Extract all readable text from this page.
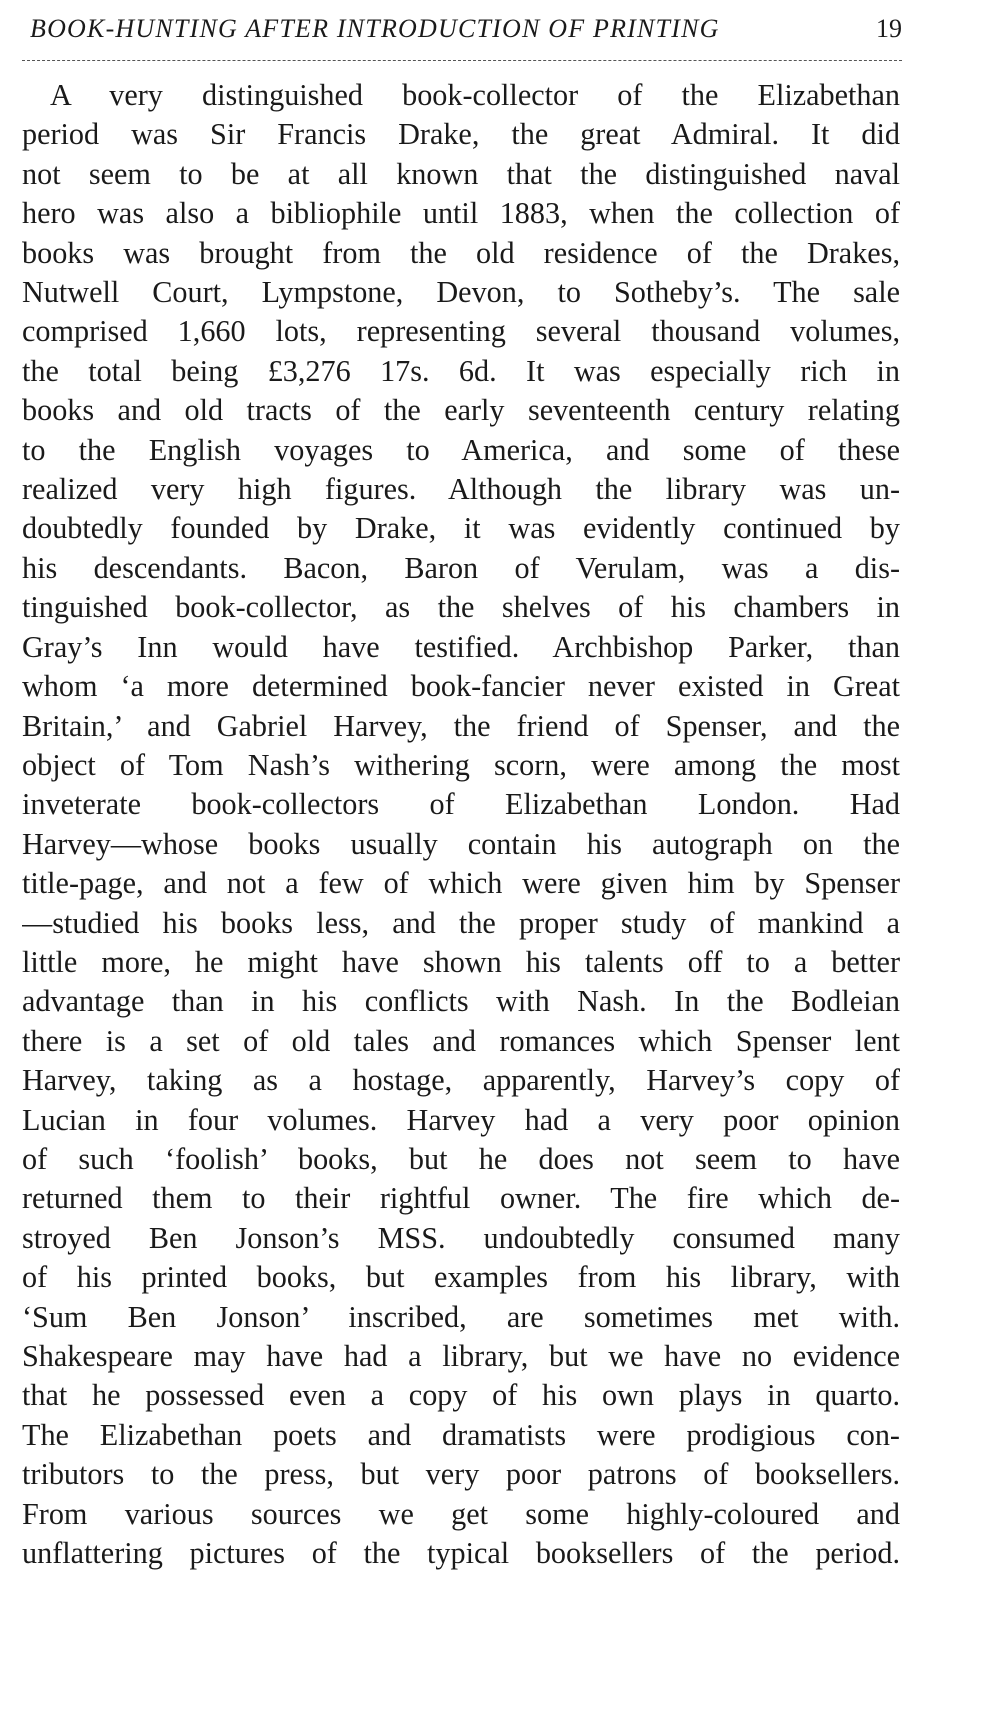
BOOK-HUNTING AFTER INTRODUCTION OF PRINTING	19
A very distinguished book-collector of the Elizabethan
period was Sir Francis Drake, the great Admiral. It did
not seem to be at all known that the distinguished naval
hero was also a bibliophile until 1883, when the collection of
books was brought from the old residence of the Drakes,
Nutwell Court, Lympstone, Devon, to Sotheby’s. The sale
comprised 1,660 lots, representing several thousand volumes,
the total being £3,276 17s. 6d. It was especially rich in
books and old tracts of the early seventeenth century relating
to the English voyages to America, and some of these
realized very high figures. Although the library was un-
doubtedly founded by Drake, it was evidently continued by
his descendants. Bacon, Baron of Verulam, was a dis-
tinguished book-collector, as the shelves of his chambers in
Gray’s Inn would have testified. Archbishop Parker, than
whom ‘a more determined book-fancier never existed in Great
Britain,’ and Gabriel Harvey, the friend of Spenser, and the
object of Tom Nash’s withering scorn, were among the most
inveterate book-collectors of Elizabethan London. Had
Harvey—whose books usually contain his autograph on the
title-page, and not a few of which were given him by Spenser
—studied his books less, and the proper study of mankind a
little more, he might have shown his talents off to a better
advantage than in his conflicts with Nash. In the Bodleian
there is a set of old tales and romances which Spenser lent
Harvey, taking as a hostage, apparently, Harvey’s copy of
Lucian in four volumes. Harvey had a very poor opinion
of such ‘foolish’ books, but he does not seem to have
returned them to their rightful owner. The fire which de-
stroyed Ben Jonson’s MSS. undoubtedly consumed many
of his printed books, but examples from his library, with
‘Sum Ben Jonson’ inscribed, are sometimes met with.
Shakespeare may have had a library, but we have no evidence
that he possessed even a copy of his own plays in quarto.
The Elizabethan poets and dramatists were prodigious con-
tributors to the press, but very poor patrons of booksellers.
From various sources we get some highly-coloured and
unflattering pictures of the typical booksellers of the period.
